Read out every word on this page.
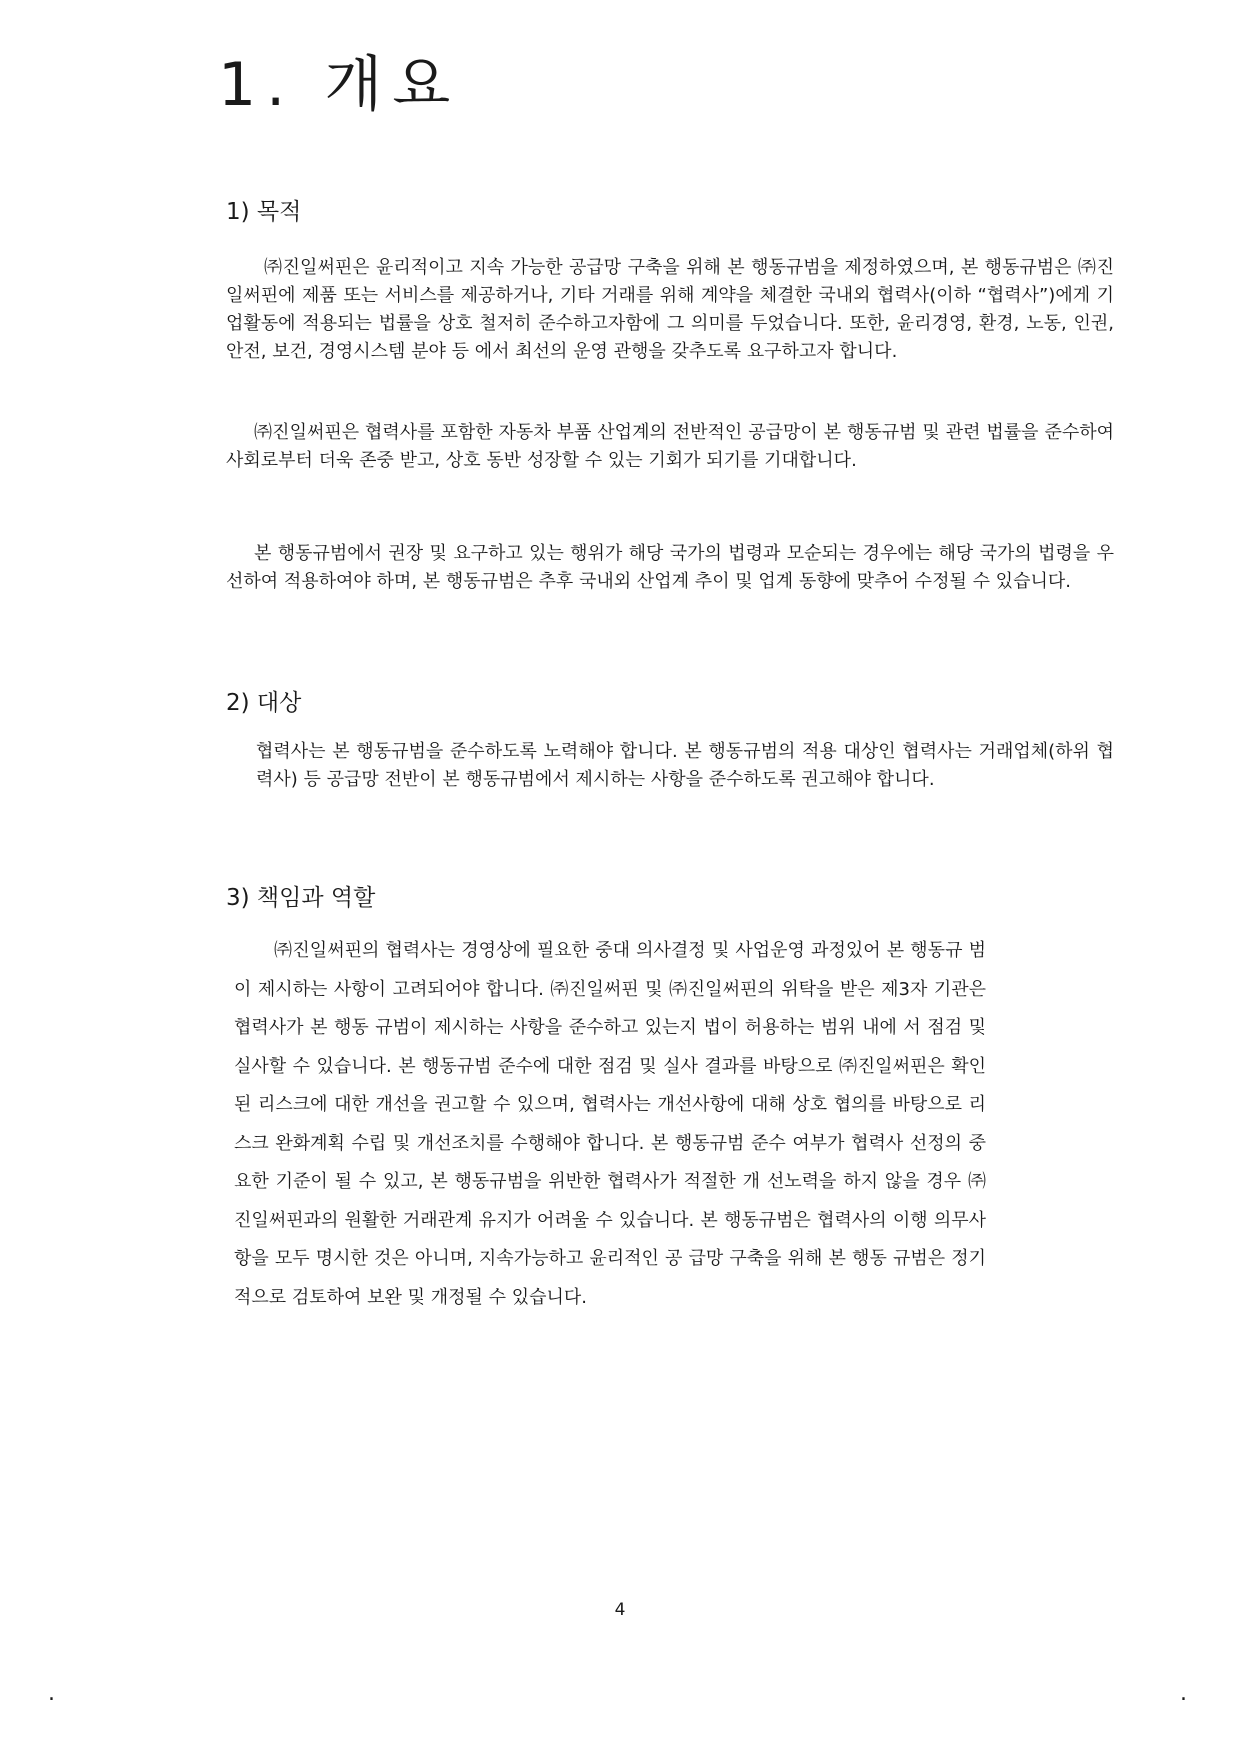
1. 개요
1) 목적

㈜진일써핀은 윤리적이고 지속 가능한 공급망 구축을 위해 본 행동규범을 제정하였으며, 본 행동규범은 ㈜진일써핀에 제품 또는 서비스를 제공하거나, 기타 거래를 위해 계약을 체결한 국내외 협력사(이하 “협력사”)에게 기업활동에 적용되는 법률을 상호 철저히 준수하고자함에 그 의미를 두었습니다. 또한, 윤리경영, 환경, 노동, 인권, 안전, 보건, 경영시스템 분야 등 에서 최선의 운영 관행을 갖추도록 요구하고자 합니다.

㈜진일써핀은 협력사를 포함한 자동차 부품 산업계의 전반적인 공급망이 본 행동규범 및 관련 법률을 준수하여 사회로부터 더욱 존중 받고, 상호 동반 성장할 수 있는 기회가 되기를 기대합니다.

본 행동규범에서 권장 및 요구하고 있는 행위가 해당 국가의 법령과 모순되는 경우에는 해당 국가의 법령을 우선하여 적용하여야 하며, 본 행동규범은 추후 국내외 산업계 추이 및 업계 동향에 맞추어 수정될 수 있습니다.

2) 대상

협력사는 본 행동규범을 준수하도록 노력해야 합니다. 본 행동규범의 적용 대상인 협력사는 거래업체(하위 협력사) 등 공급망 전반이 본 행동규범에서 제시하는 사항을 준수하도록 권고해야 합니다.

3) 책임과 역할

㈜진일써핀의 협력사는 경영상에 필요한 중대 의사결정 및 사업운영 과정있어 본 행동규 범이 제시하는 사항이 고려되어야 합니다. ㈜진일써핀 및 ㈜진일써핀의 위탁을 받은 제3자 기관은 협력사가 본 행동 규범이 제시하는 사항을 준수하고 있는지 법이 허용하는 범위 내에 서 점검 및 실사할 수 있습니다. 본 행동규범 준수에 대한 점검 및 실사 결과를 바탕으로 ㈜진일써핀은 확인된 리스크에 대한 개선을 권고할 수 있으며, 협력사는 개선사항에 대해 상호 협의를 바탕으로 리스크 완화계획 수립 및 개선조치를 수행해야 합니다. 본 행동규범 준수 여부가 협력사 선정의 중요한 기준이 될 수 있고, 본 행동규범을 위반한 협력사가 적절한 개 선노력을 하지 않을 경우 ㈜진일써핀과의 원활한 거래관계 유지가 어려울 수 있습니다. 본 행동규범은 협력사의 이행 의무사항을 모두 명시한 것은 아니며, 지속가능하고 윤리적인 공 급망 구축을 위해 본 행동 규범은 정기적으로 검토하여 보완 및 개정될 수 있습니다.

4
.	.
